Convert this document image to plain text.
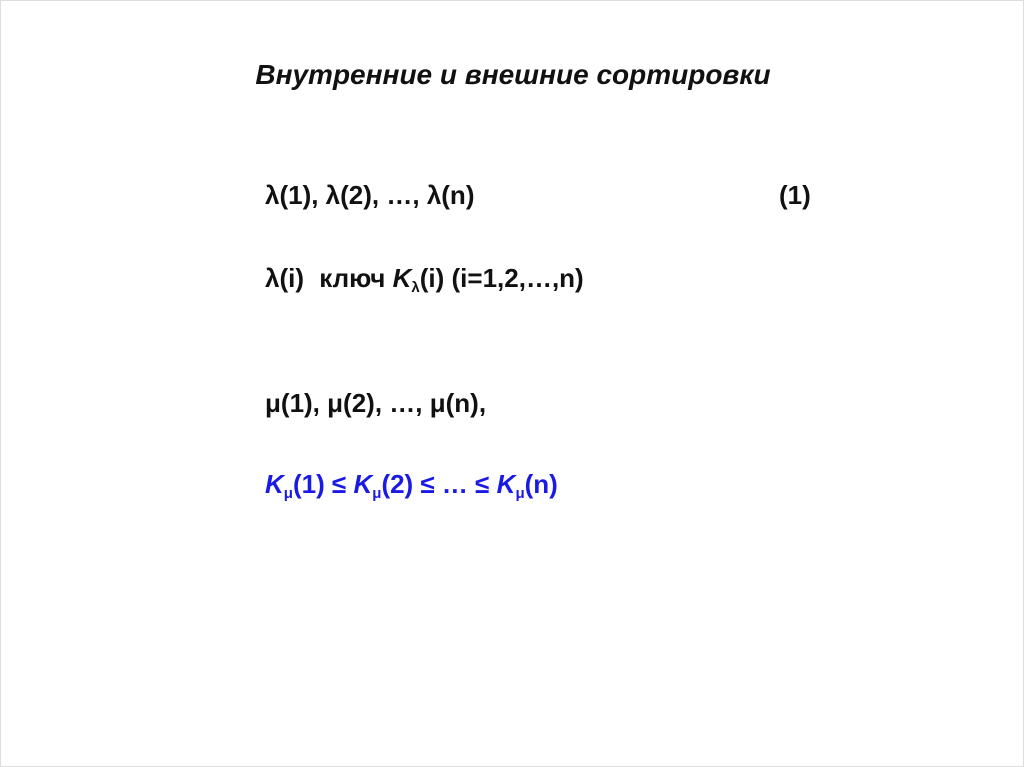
Внутренние и внешние сортировки
λ(1), λ(2), …, λ(n)	(1)
λ(i) ключ $K_\lambda(i)$ (i=1,2,…,n)
μ(1), μ(2), …, μ(n),
$K_\mu(1) \le K_\mu(2)$ ≤ … ≤ $K_\mu(n)$
